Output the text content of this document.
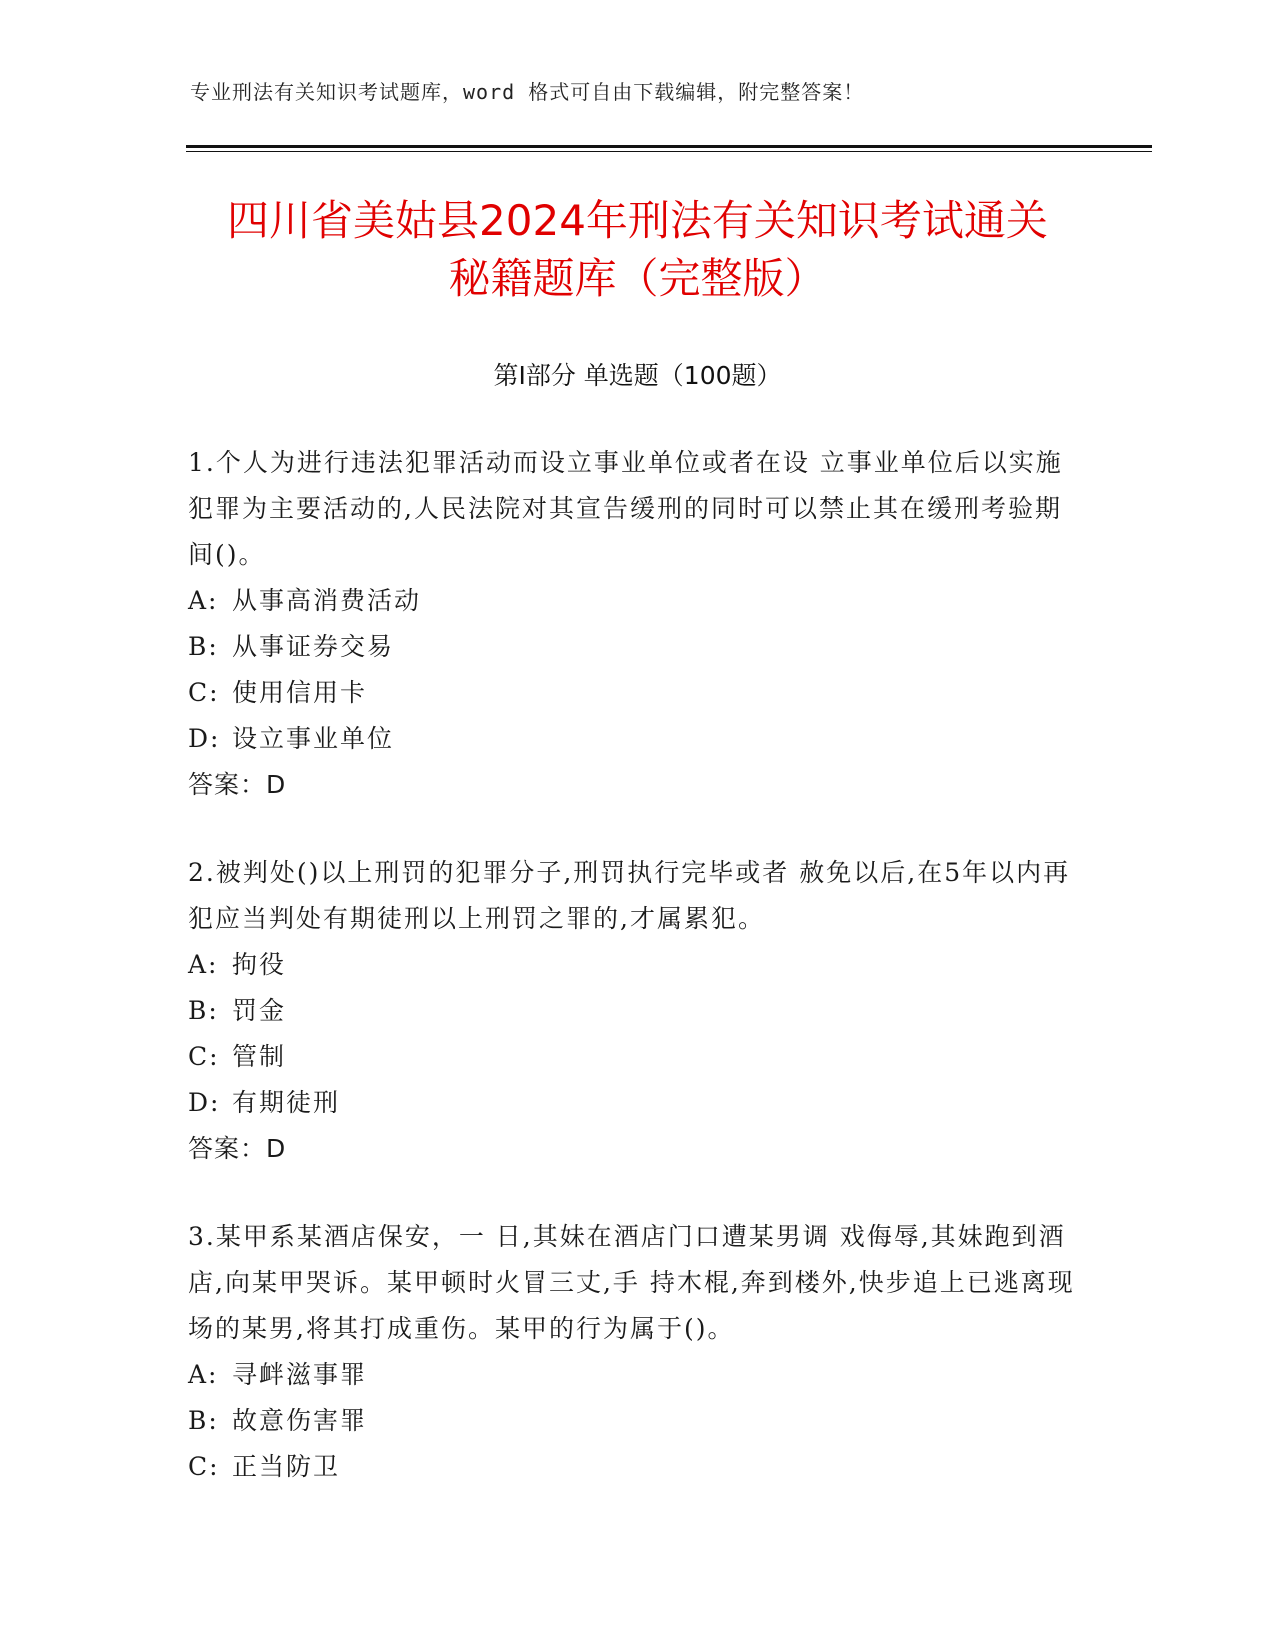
专业刑法有关知识考试题库，word 格式可自由下载编辑，附完整答案！
四川省美姑县2024年刑法有关知识考试通关
秘籍题库（完整版）
第Ⅰ部分 单选题（100题）

1.个人为进行违法犯罪活动而设立事业单位或者在设 立事业单位后以实施犯罪为主要活动的,人民法院对其宣告缓刑的同时可以禁止其在缓刑考验期间()。

A: 从事高消费活动

B: 从事证券交易

C: 使用信用卡

D: 设立事业单位

答案：D

2.被判处()以上刑罚的犯罪分子,刑罚执行完毕或者 赦免以后,在5年以内再犯应当判处有期徒刑以上刑罚之罪的,才属累犯。

A: 拘役

B: 罚金

C: 管制

D: 有期徒刑

答案：D

3.某甲系某酒店保安，一 日,其妹在酒店门口遭某男调 戏侮辱,其妹跑到酒店,向某甲哭诉。某甲顿时火冒三丈,手 持木棍,奔到楼外,快步追上已逃离现场的某男,将其打成重伤。某甲的行为属于()。

A: 寻衅滋事罪

B: 故意伤害罪

C: 正当防卫
